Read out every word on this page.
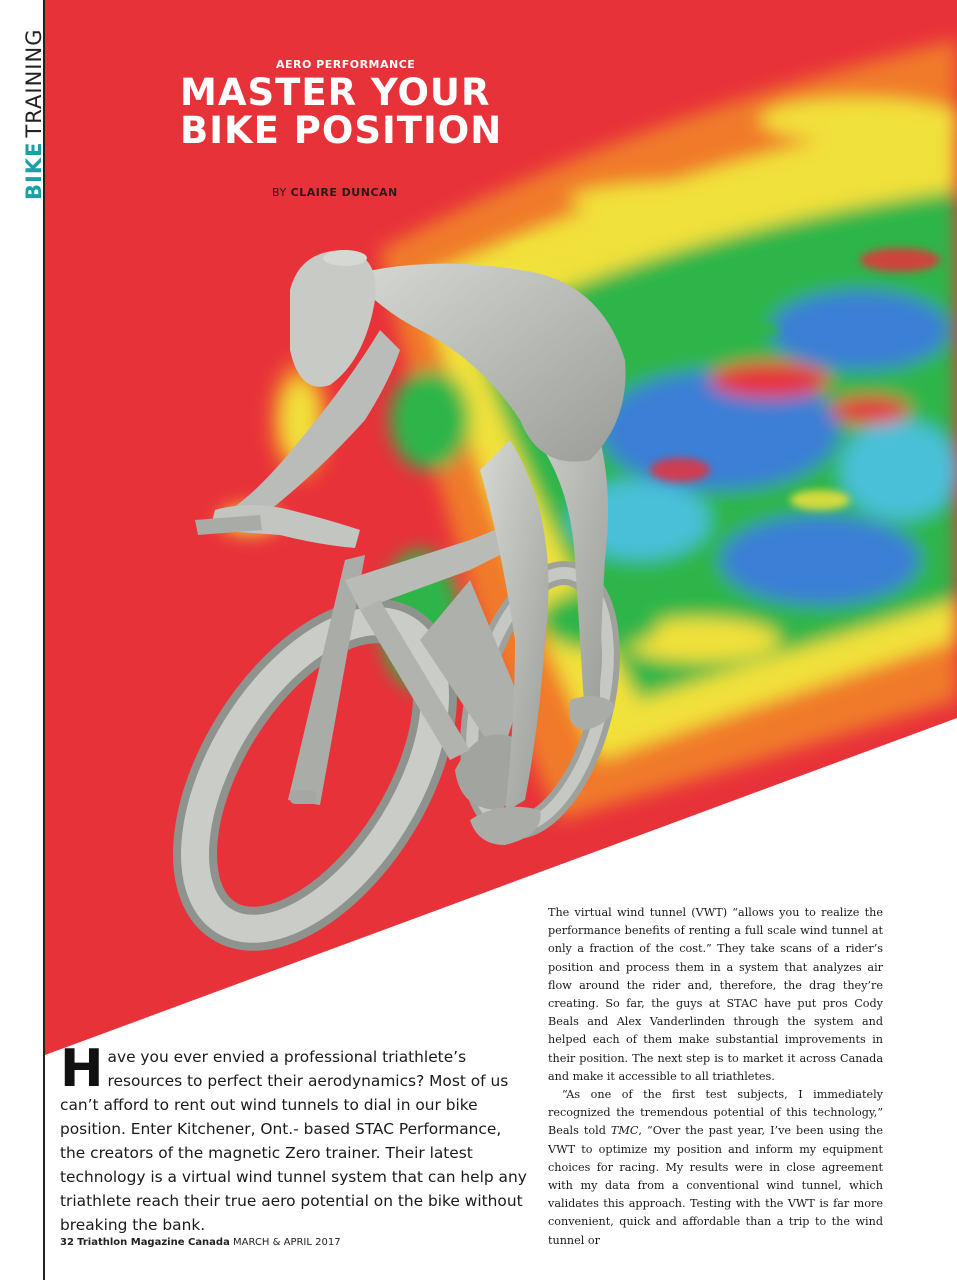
BIKETRAINING	AERO PERFORMANCE
MASTER YOUR
BIKE POSITION
BY CLAIRE DUNCAN
Have you ever envied a professional triathlete’s resources to perfect their aerodynamics? Most of us can’t afford to rent out wind tunnels to dial in our bike position. Enter Kitchener, Ont.- based STAC Performance, the creators of the magnetic Zero trainer. Their latest technology is a virtual wind tunnel system that can help any triathlete reach their true aero potential on the bike without breaking the bank.

The virtual wind tunnel (VWT) “allows you to realize the performance benefits of renting a full scale wind tunnel at only a fraction of the cost.” They take scans of a rider’s position and process them in a system that analyzes air flow around the rider and, therefore, the drag they’re creating. So far, the guys at STAC have put pros Cody Beals and Alex Vanderlinden through the system and helped each of them make substantial improvements in their position. The next step is to market it across Canada and make it accessible to all triathletes.

“As one of the first test subjects, I immediately recognized the tremendous potential of this technology,” Beals told TMC, “Over the past year, I’ve been using the VWT to optimize my position and inform my equipment choices for racing. My results were in close agreement with my data from a conventional wind tunnel, which validates this approach. Testing with the VWT is far more convenient, quick and affordable than a trip to the wind tunnel or

32 Triathlon Magazine Canada MARCH & APRIL 2017
